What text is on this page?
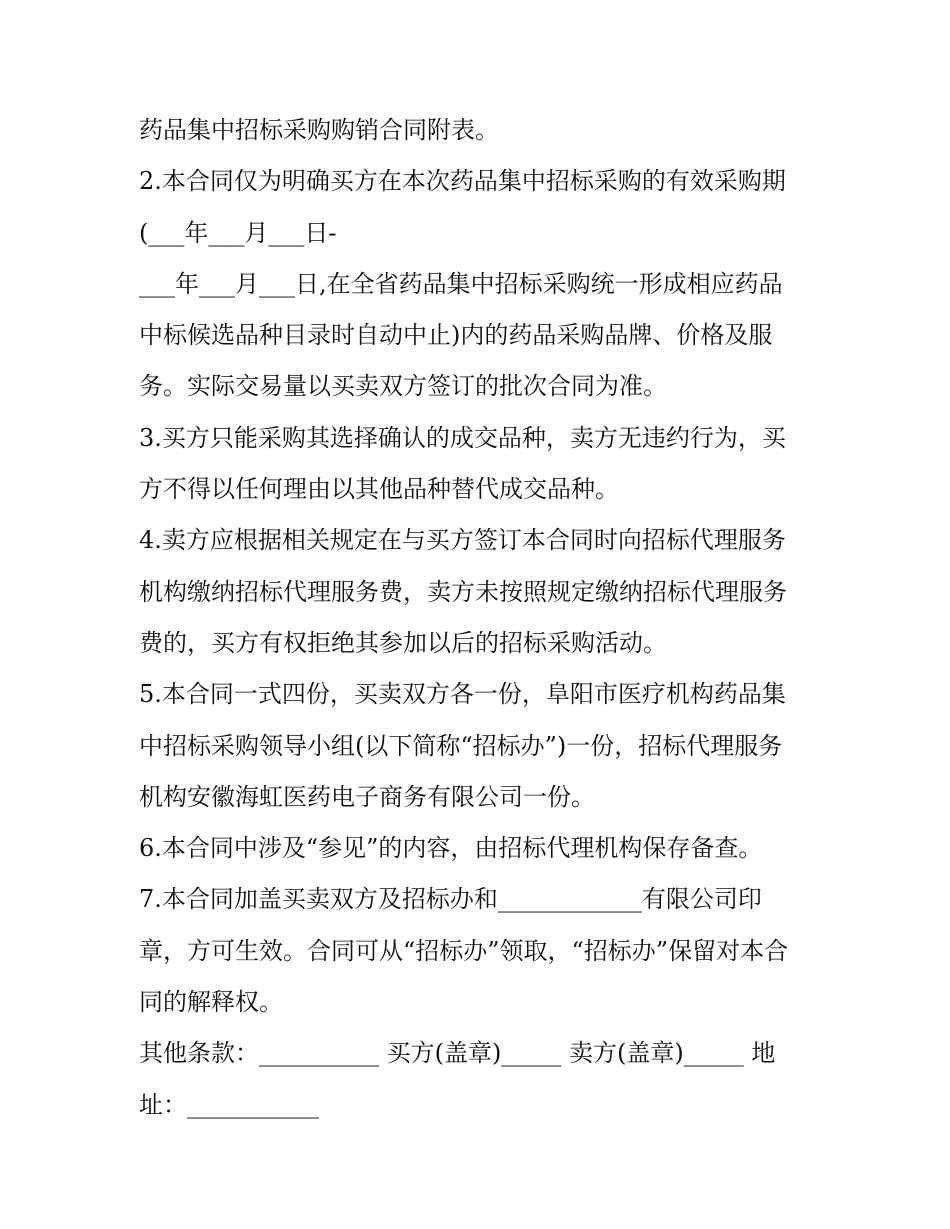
药品集中招标采购购销合同附表。

2.本合同仅为明确买方在本次药品集中招标采购的有效采购期

(___年___月___日-

___年___月___日,在全省药品集中招标采购统一形成相应药品

中标候选品种目录时自动中止)内的药品采购品牌、价格及服

务。实际交易量以买卖双方签订的批次合同为准。

3.买方只能采购其选择确认的成交品种，卖方无违约行为，买

方不得以任何理由以其他品种替代成交品种。

4.卖方应根据相关规定在与买方签订本合同时向招标代理服务

机构缴纳招标代理服务费，卖方未按照规定缴纳招标代理服务

费的，买方有权拒绝其参加以后的招标采购活动。

5.本合同一式四份，买卖双方各一份，阜阳市医疗机构药品集

中招标采购领导小组(以下简称“招标办”)一份，招标代理服务

机构安徽海虹医药电子商务有限公司一份。

6.本合同中涉及“参见”的内容，由招标代理机构保存备查。

7.本合同加盖买卖双方及招标办和____________有限公司印

章，方可生效。合同可从“招标办”领取，“招标办”保留对本合

同的解释权。

其他条款：__________ 买方(盖章)_____ 卖方(盖章)_____ 地

址：___________
